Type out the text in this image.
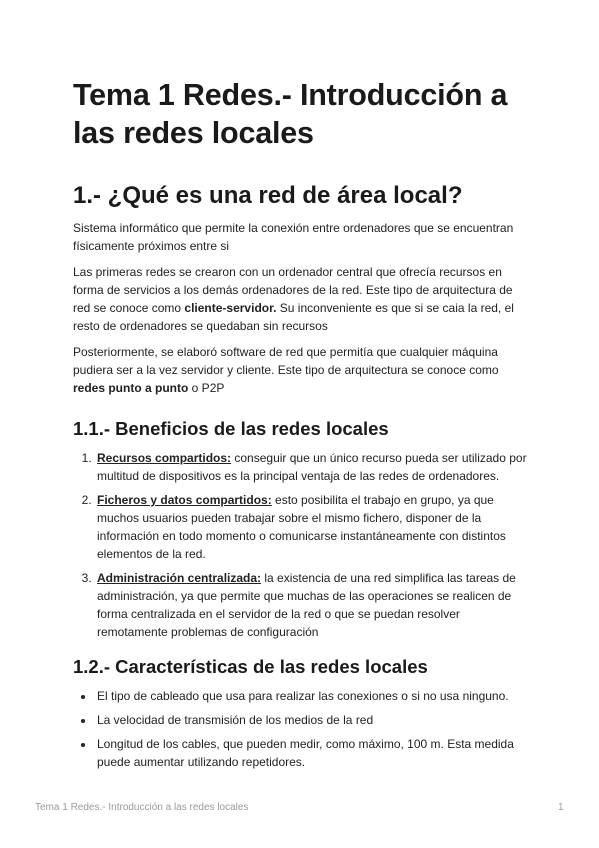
Tema 1 Redes.- Introducción a las redes locales
1.- ¿Qué es una red de área local?

Sistema informático que permite la conexión entre ordenadores que se encuentran físicamente próximos entre si

Las primeras redes se crearon con un ordenador central que ofrecía recursos en forma de servicios a los demás ordenadores de la red. Este tipo de arquitectura de red se conoce como cliente-servidor. Su inconveniente es que si se caia la red, el resto de ordenadores se quedaban sin recursos

Posteriormente, se elaboró software de red que permitía que cualquier máquina pudiera ser a la vez servidor y cliente. Este tipo de arquitectura se conoce como redes punto a punto o P2P

1.1.- Beneficios de las redes locales
1. Recursos compartidos: conseguir que un único recurso pueda ser utilizado por multitud de dispositivos es la principal ventaja de las redes de ordenadores.
2. Ficheros y datos compartidos: esto posibilita el trabajo en grupo, ya que muchos usuarios pueden trabajar sobre el mismo fichero, disponer de la información en todo momento o comunicarse instantáneamente con distintos elementos de la red.
3. Administración centralizada: la existencia de una red simplifica las tareas de administración, ya que permite que muchas de las operaciones se realicen de forma centralizada en el servidor de la red o que se puedan resolver remotamente problemas de configuración
1.2.- Características de las redes locales
• El tipo de cableado que usa para realizar las conexiones o si no usa ninguno.
• La velocidad de transmisión de los medios de la red
• Longitud de los cables, que pueden medir, como máximo, 100 m. Esta medida puede aumentar utilizando repetidores.
Tema 1 Redes.- Introducción a las redes locales	1
